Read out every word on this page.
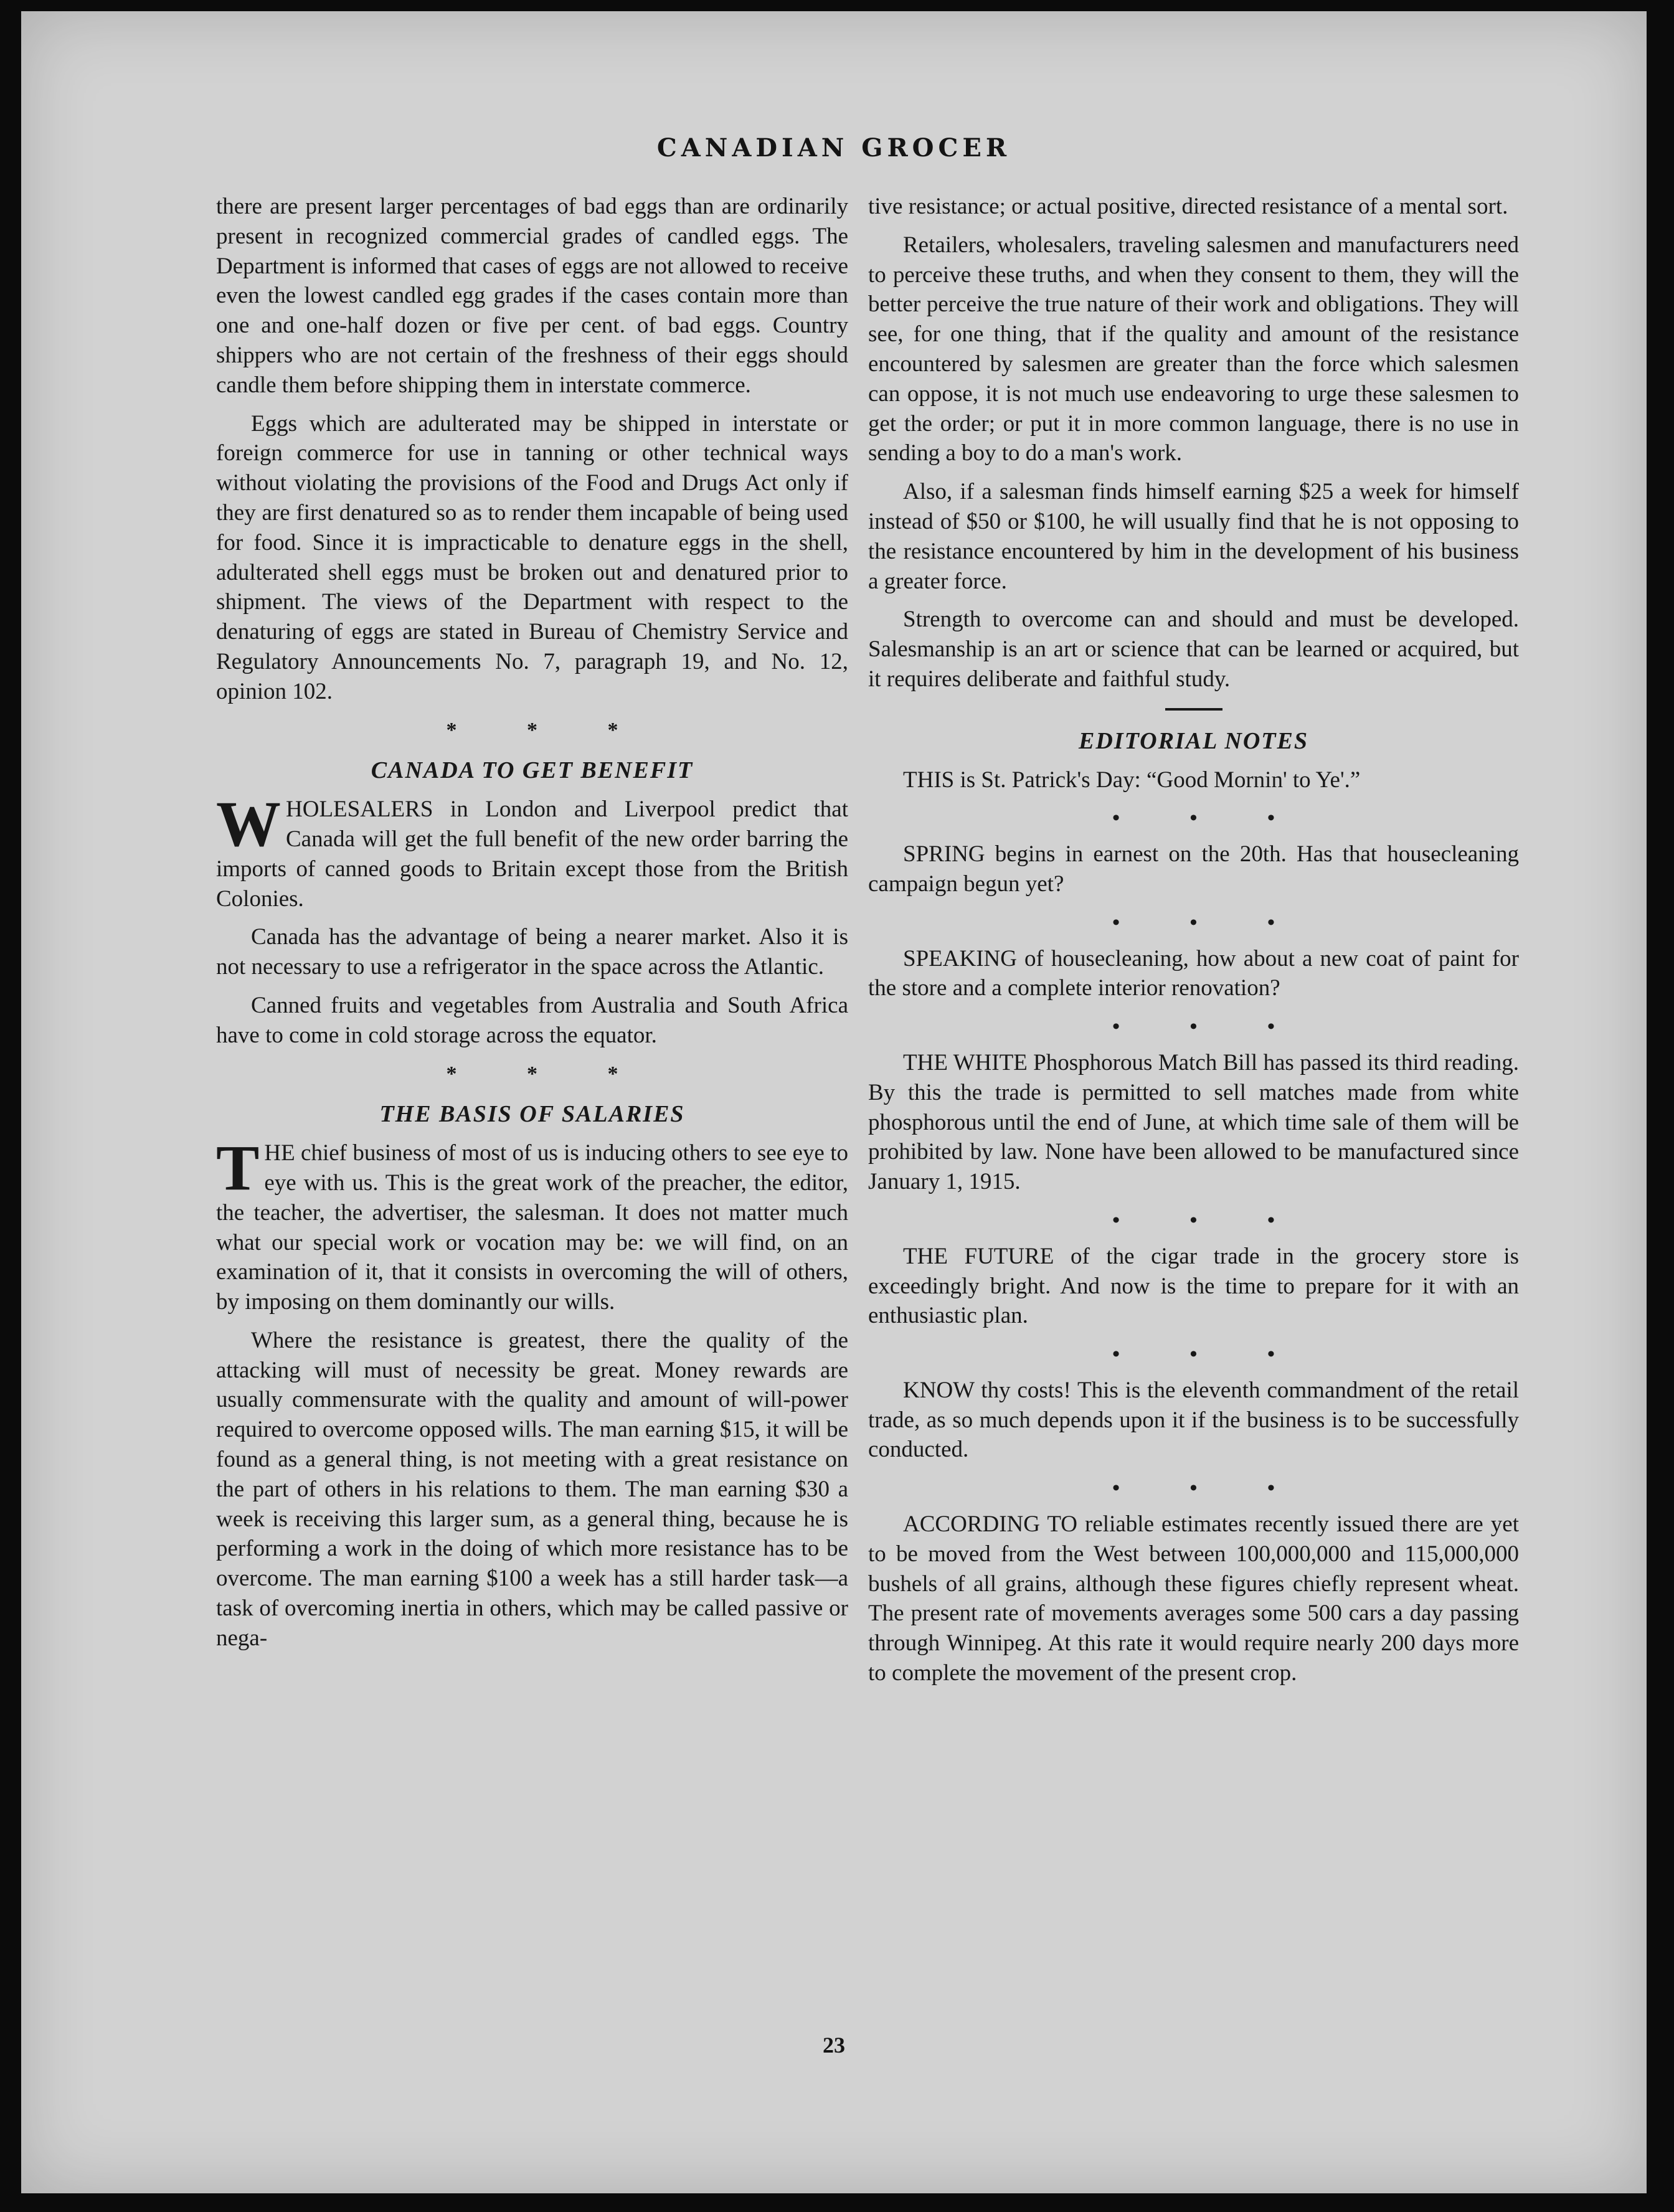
CANADIAN GROCER

there are present larger percentages of bad eggs than are ordinarily present in recognized commercial grades of candled eggs. The Department is informed that cases of eggs are not allowed to receive even the lowest candled egg grades if the cases contain more than one and one-half dozen or five per cent. of bad eggs. Country shippers who are not certain of the freshness of their eggs should candle them before shipping them in interstate commerce.

Eggs which are adulterated may be shipped in interstate or foreign commerce for use in tanning or other technical ways without violating the provisions of the Food and Drugs Act only if they are first denatured so as to render them incapable of being used for food. Since it is impracticable to denature eggs in the shell, adulterated shell eggs must be broken out and denatured prior to shipment. The views of the Department with respect to the denaturing of eggs are stated in Bureau of Chemistry Service and Regulatory Announcements No. 7, paragraph 19, and No. 12, opinion 102.

* * *
CANADA TO GET BENEFIT

WHOLESALERS in London and Liverpool predict that Canada will get the full benefit of the new order barring the imports of canned goods to Britain except those from the British Colonies.

Canada has the advantage of being a nearer market. Also it is not necessary to use a refrigerator in the space across the Atlantic.

Canned fruits and vegetables from Australia and South Africa have to come in cold storage across the equator.

* * *
THE BASIS OF SALARIES

THE chief business of most of us is inducing others to see eye to eye with us. This is the great work of the preacher, the editor, the teacher, the advertiser, the salesman. It does not matter much what our special work or vocation may be: we will find, on an examination of it, that it consists in overcoming the will of others, by imposing on them dominantly our wills.

Where the resistance is greatest, there the quality of the attacking will must of necessity be great. Money rewards are usually commensurate with the quality and amount of will-power required to overcome opposed wills. The man earning $15, it will be found as a general thing, is not meeting with a great resistance on the part of others in his relations to them. The man earning $30 a week is receiving this larger sum, as a general thing, because he is performing a work in the doing of which more resistance has to be overcome. The man earning $100 a week has a still harder task—a task of overcoming inertia in others, which may be called passive or nega-

tive resistance; or actual positive, directed resistance of a mental sort.

Retailers, wholesalers, traveling salesmen and manufacturers need to perceive these truths, and when they consent to them, they will the better perceive the true nature of their work and obligations. They will see, for one thing, that if the quality and amount of the resistance encountered by salesmen are greater than the force which salesmen can oppose, it is not much use endeavoring to urge these salesmen to get the order; or put it in more common language, there is no use in sending a boy to do a man's work.

Also, if a salesman finds himself earning $25 a week for himself instead of $50 or $100, he will usually find that he is not opposing to the resistance encountered by him in the development of his business a greater force.

Strength to overcome can and should and must be developed. Salesmanship is an art or science that can be learned or acquired, but it requires deliberate and faithful study.

EDITORIAL NOTES

THIS is St. Patrick's Day: “Good Mornin' to Ye'.”

• • •

SPRING begins in earnest on the 20th. Has that housecleaning campaign begun yet?

• • •

SPEAKING of housecleaning, how about a new coat of paint for the store and a complete interior renovation?

• • •

THE WHITE Phosphorous Match Bill has passed its third reading. By this the trade is permitted to sell matches made from white phosphorous until the end of June, at which time sale of them will be prohibited by law. None have been allowed to be manufactured since January 1, 1915.

• • •

THE FUTURE of the cigar trade in the grocery store is exceedingly bright. And now is the time to prepare for it with an enthusiastic plan.

• • •

KNOW thy costs! This is the eleventh commandment of the retail trade, as so much depends upon it if the business is to be successfully conducted.

• • •

ACCORDING TO reliable estimates recently issued there are yet to be moved from the West between 100,000,000 and 115,000,000 bushels of all grains, although these figures chiefly represent wheat. The present rate of movements averages some 500 cars a day passing through Winnipeg. At this rate it would require nearly 200 days more to complete the movement of the present crop.

23
